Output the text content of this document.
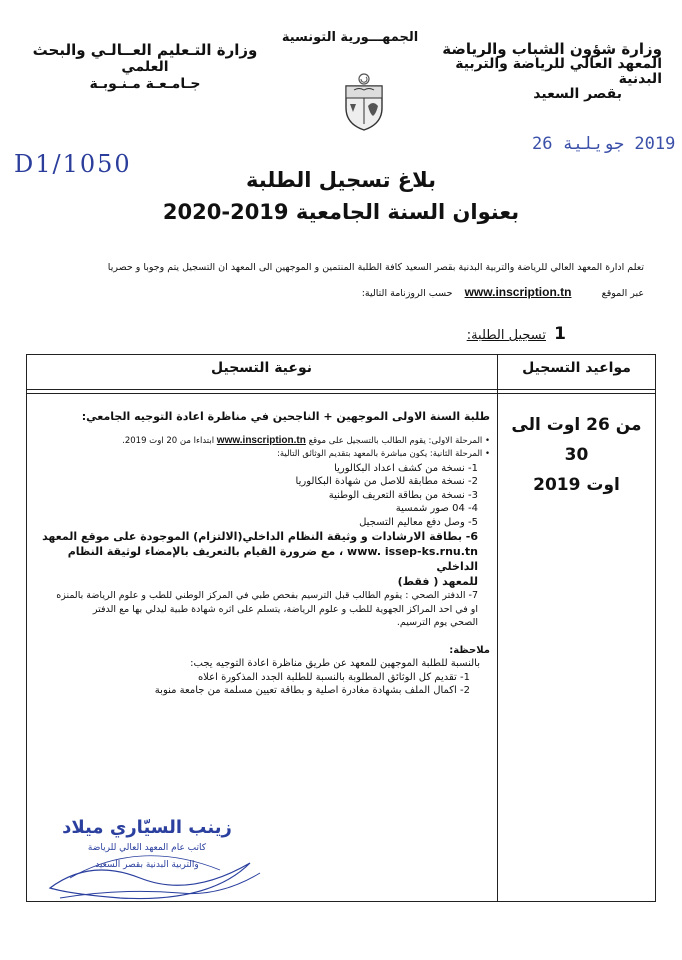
وزارة شؤون الشباب والرياضة
المعهد العالي للرياضة والتربية البدنية
بقصر السعيد
وزارة التـعليم العــالـي والبحث
العلمي
جـامـعـة مـنـوبـة
الجمهـــورية التونسية
2019 جويلية 26
D1/1050
بلاغ تسجيل الطلبة
بعنوان السنة الجامعية 2019-2020
تعلم ادارة المعهد العالي للرياضة والتربية البدنية بقصر السعيد كافة الطلبة المنتمين و الموجهين الى المعهد ان التسجيل يتم وجوبا و حصريا
عبر الموقع          www.inscription.tn    حسب الروزنامة التالية:
1 تسجيل الطلبة:
مواعيد التسجيل
نوعية التسجيل
من 26 اوت الى 30
اوت 2019

طلبة السنة الاولى الموجهين + الناجحين في مناظرة اعادة التوجيه الجامعي:

• المرحلة الاولى: يقوم الطالب بالتسجيل على موقع www.inscription.tn ابتداءا من 20 اوت 2019.

• المرحلة الثانية: يكون مباشرة بالمعهد بتقديم الوثائق التالية:

1- نسخة من كشف اعداد البكالوريا

2- نسخة مطابقة للاصل من شهادة البكالوريا

3- نسخة من بطاقة التعريف الوطنية

4- 04 صور شمسية

5- وصل دفع معاليم التسجيل

6- بطاقة الارشادات و وثيقة النظام الداخلي(الالتزام) الموجودة على موقع المعهد

www. issep-ks.rnu.tn ، مع ضرورة القيام بالتعريف بالإمضاء لوثيقة النظام الداخلي

للمعهد ( فقط)

7- الدفتر الصحي : يقوم الطالب قبل الترسيم بفحص طبي في المركز الوطني للطب و علوم الرياضة بالمنزه

او في احد المراكز الجهوية للطب و علوم الرياضة، يتسلم على اثره شهادة طبية ليدلي بها مع الدفتر

الصحي يوم الترسيم.

ملاحظة:

بالنسبة للطلبة الموجهين للمعهد عن طريق مناظرة اعادة التوجيه يجب:

1- تقديم كل الوثائق المطلوبة بالنسبة للطلبة الجدد المذكورة اعلاه

2- اكمال الملف بشهادة مغادرة اصلية و بطاقة تعيين مسلمة من جامعة منوبة

زينب السيّاري ميلاد
كاتب عام المعهد العالي للرياضة
والتربية البدنية بقصر السعيد
